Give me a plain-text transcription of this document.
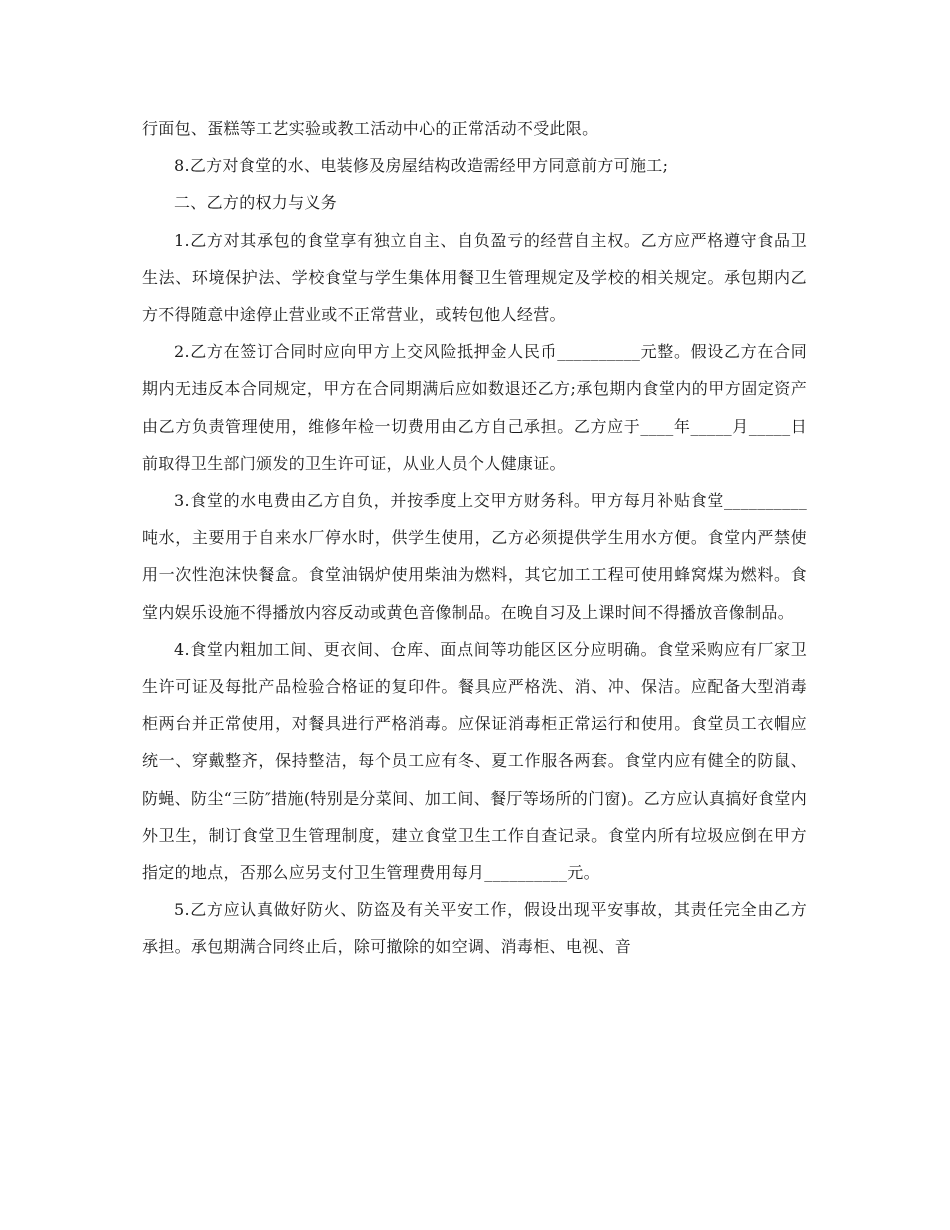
行面包、蛋糕等工艺实验或教工活动中心的正常活动不受此限。

8.乙方对食堂的水、电装修及房屋结构改造需经甲方同意前方可施工;

二、乙方的权力与义务

1.乙方对其承包的食堂享有独立自主、自负盈亏的经营自主权。乙方应严格遵守食品卫生法、环境保护法、学校食堂与学生集体用餐卫生管理规定及学校的相关规定。承包期内乙方不得随意中途停止营业或不正常营业，或转包他人经营。

2.乙方在签订合同时应向甲方上交风险抵押金人民币__________元整。假设乙方在合同期内无违反本合同规定，甲方在合同期满后应如数退还乙方;承包期内食堂内的甲方固定资产由乙方负责管理使用，维修年检一切费用由乙方自己承担。乙方应于____年_____月_____日前取得卫生部门颁发的卫生许可证，从业人员个人健康证。

3.食堂的水电费由乙方自负，并按季度上交甲方财务科。甲方每月补贴食堂__________吨水，主要用于自来水厂停水时，供学生使用，乙方必须提供学生用水方便。食堂内严禁使用一次性泡沫快餐盒。食堂油锅炉使用柴油为燃料，其它加工工程可使用蜂窝煤为燃料。食堂内娱乐设施不得播放内容反动或黄色音像制品。在晚自习及上课时间不得播放音像制品。

4.食堂内粗加工间、更衣间、仓库、面点间等功能区区分应明确。食堂采购应有厂家卫生许可证及每批产品检验合格证的复印件。餐具应严格洗、消、冲、保洁。应配备大型消毒柜两台并正常使用，对餐具进行严格消毒。应保证消毒柜正常运行和使用。食堂员工衣帽应统一、穿戴整齐，保持整洁，每个员工应有冬、夏工作服各两套。食堂内应有健全的防鼠、防蝇、防尘“三防″措施(特别是分菜间、加工间、餐厅等场所的门窗)。乙方应认真搞好食堂内外卫生，制订食堂卫生管理制度，建立食堂卫生工作自查记录。食堂内所有垃圾应倒在甲方指定的地点，否那么应另支付卫生管理费用每月__________元。

5.乙方应认真做好防火、防盗及有关平安工作，假设出现平安事故，其责任完全由乙方承担。承包期满合同终止后，除可撤除的如空调、消毒柜、电视、音
